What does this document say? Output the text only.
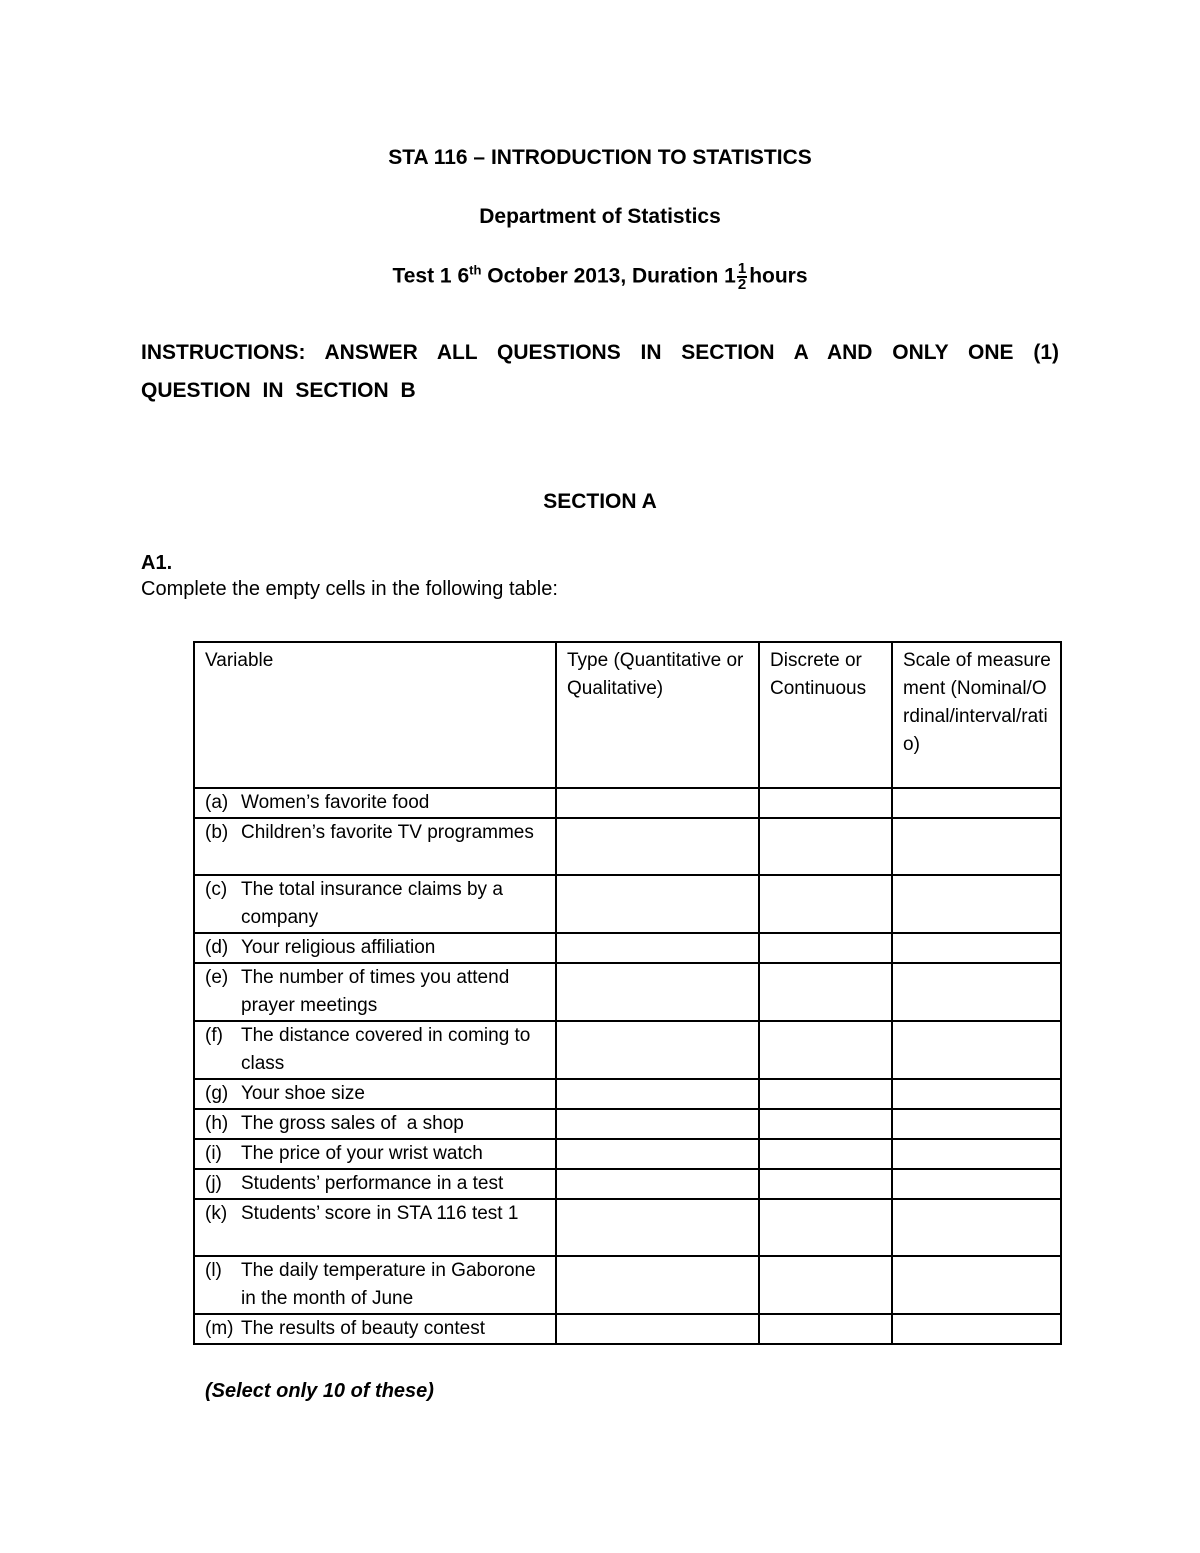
STA 116 – INTRODUCTION TO STATISTICS
Department of Statistics
Test 1 6th October 2013, Duration $1 \frac{1}{2}$ hours
INSTRUCTIONS: ANSWER ALL QUESTIONS IN SECTION A AND ONLY ONE (1) QUESTION IN SECTION B
SECTION A
A1.
Complete the empty cells in the following table:
Variable	Type (Quantitative or Qualitative)	Discrete or Continuous	Scale of measurement (Nominal/Ordinal/interval/ratio)

(a) Women’s favorite food			

(b) Children’s favorite TV programmes			

(c) The total insurance claims by a company			

(d) Your religious affiliation			

(e) The number of times you attend prayer meetings			

(f) The distance covered in coming to class			

(g) Your shoe size			

(h) The gross sales of  a shop			

(i) The price of your wrist watch			

(j) Students’ performance in a test			

(k) Students’ score in STA 116 test 1			

(l) The daily temperature in Gaborone in the month of June			

(m) The results of beauty contest			

(Select only 10 of these)
